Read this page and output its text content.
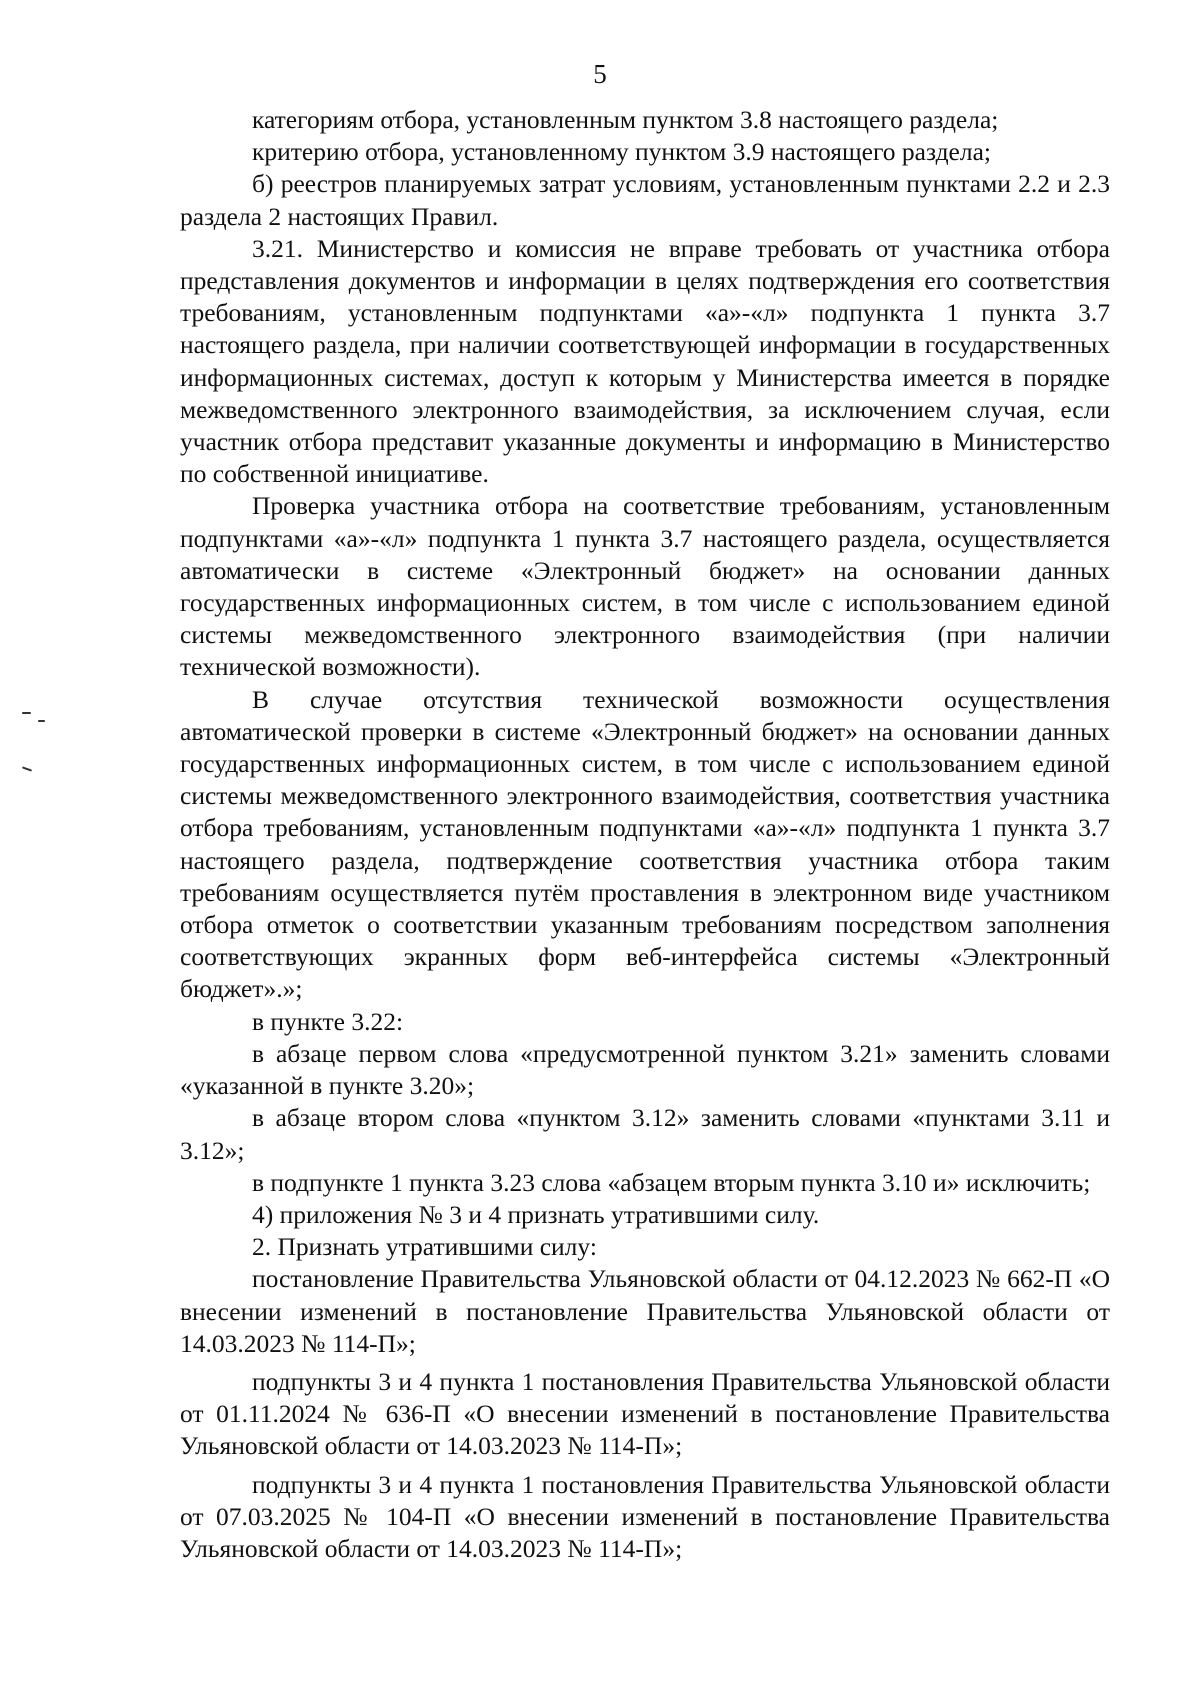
5

категориям отбора, установленным пунктом 3.8 настоящего раздела;

критерию отбора, установленному пунктом 3.9 настоящего раздела;

б) реестров планируемых затрат условиям, установленным пунктами 2.2 и 2.3 раздела 2 настоящих Правил.

3.21. Министерство и комиссия не вправе требовать от участника отбора представления документов и информации в целях подтверждения его соответствия требованиям, установленным подпунктами «а»-«л» подпункта 1 пункта 3.7 настоящего раздела, при наличии соответствующей информации в государственных информационных системах, доступ к которым у Министерства имеется в порядке межведомственного электронного взаимодействия, за исключением случая, если участник отбора представит указанные документы и информацию в Министерство по собственной инициативе.

Проверка участника отбора на соответствие требованиям, установленным подпунктами «а»-«л» подпункта 1 пункта 3.7 настоящего раздела, осуществляется автоматически в системе «Электронный бюджет» на основании данных государственных информационных систем, в том числе с использованием единой системы межведомственного электронного взаимодействия (при наличии технической возможности).

В случае отсутствия технической возможности осуществления автоматической проверки в системе «Электронный бюджет» на основании данных государственных информационных систем, в том числе с использованием единой системы межведомственного электронного взаимодействия, соответствия участника отбора требованиям, установленным подпунктами «а»-«л» подпункта 1 пункта 3.7 настоящего раздела, подтверждение соответствия участника отбора таким требованиям осуществляется путём проставления в электронном виде участником отбора отметок о соответствии указанным требованиям посредством заполнения соответствующих экранных форм веб-интерфейса системы «Электронный бюджет».»;

в пункте 3.22:

в абзаце первом слова «предусмотренной пунктом 3.21» заменить словами «указанной в пункте 3.20»;

в абзаце втором слова «пунктом 3.12» заменить словами «пунктами 3.11 и 3.12»;

в подпункте 1 пункта 3.23 слова «абзацем вторым пункта 3.10 и» исключить;

4) приложения № 3 и 4 признать утратившими силу.

2. Признать утратившими силу:

постановление Правительства Ульяновской области от 04.12.2023 № 662-П «О внесении изменений в постановление Правительства Ульяновской области от 14.03.2023 № 114-П»;

подпункты 3 и 4 пункта 1 постановления Правительства Ульяновской области от 01.11.2024 № 636-П «О внесении изменений в постановление Правительства Ульяновской области от 14.03.2023 № 114-П»;

подпункты 3 и 4 пункта 1 постановления Правительства Ульяновской области от 07.03.2025 № 104-П «О внесении изменений в постановление Правительства Ульяновской области от 14.03.2023 № 114-П»;
